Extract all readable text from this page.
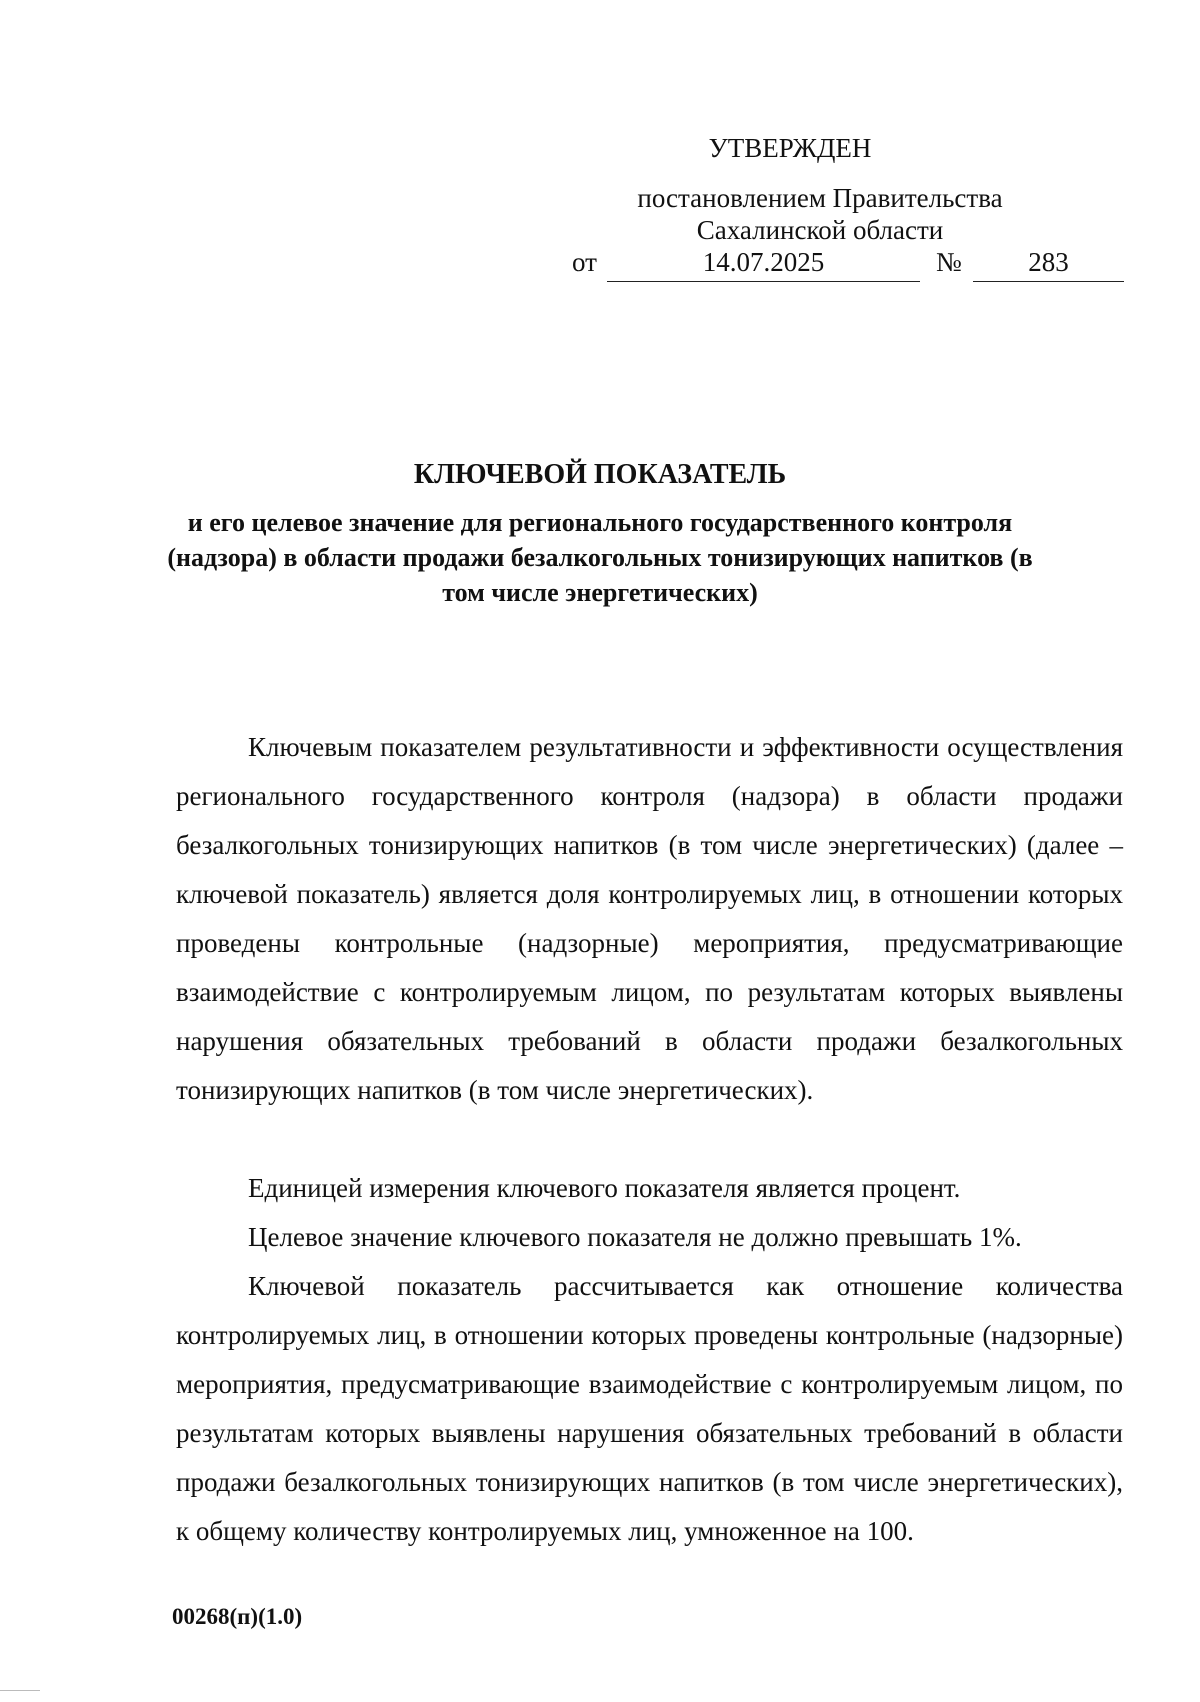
УТВЕРЖДЕН
постановлением Правительства Сахалинской области
от	14.07.2025	№	283
КЛЮЧЕВОЙ ПОКАЗАТЕЛЬ
и его целевое значение для регионального государственного контроля (надзора) в области продажи безалкогольных тонизирующих напитков (в том числе энергетических)

Ключевым показателем результативности и эффективности осуществления регионального государственного контроля (надзора) в области продажи безалкогольных тонизирующих напитков (в том числе энергетических) (далее – ключевой показатель) является доля контролируемых лиц, в отношении которых проведены контрольные (надзорные) мероприятия, предусматривающие взаимодействие с контролируемым лицом, по результатам которых выявлены нарушения обязательных требований в области продажи безалкогольных тонизирующих напитков (в том числе энергетических).

Единицей измерения ключевого показателя является процент.

Целевое значение ключевого показателя не должно превышать 1%.

Ключевой показатель рассчитывается как отношение количества контролируемых лиц, в отношении которых проведены контрольные (надзорные) мероприятия, предусматривающие взаимодействие с контролируемым лицом, по результатам которых выявлены нарушения обязательных требований в области продажи безалкогольных тонизирующих напитков (в том числе энергетических), к общему количеству контролируемых лиц, умноженное на 100.

00268(п)(1.0)
